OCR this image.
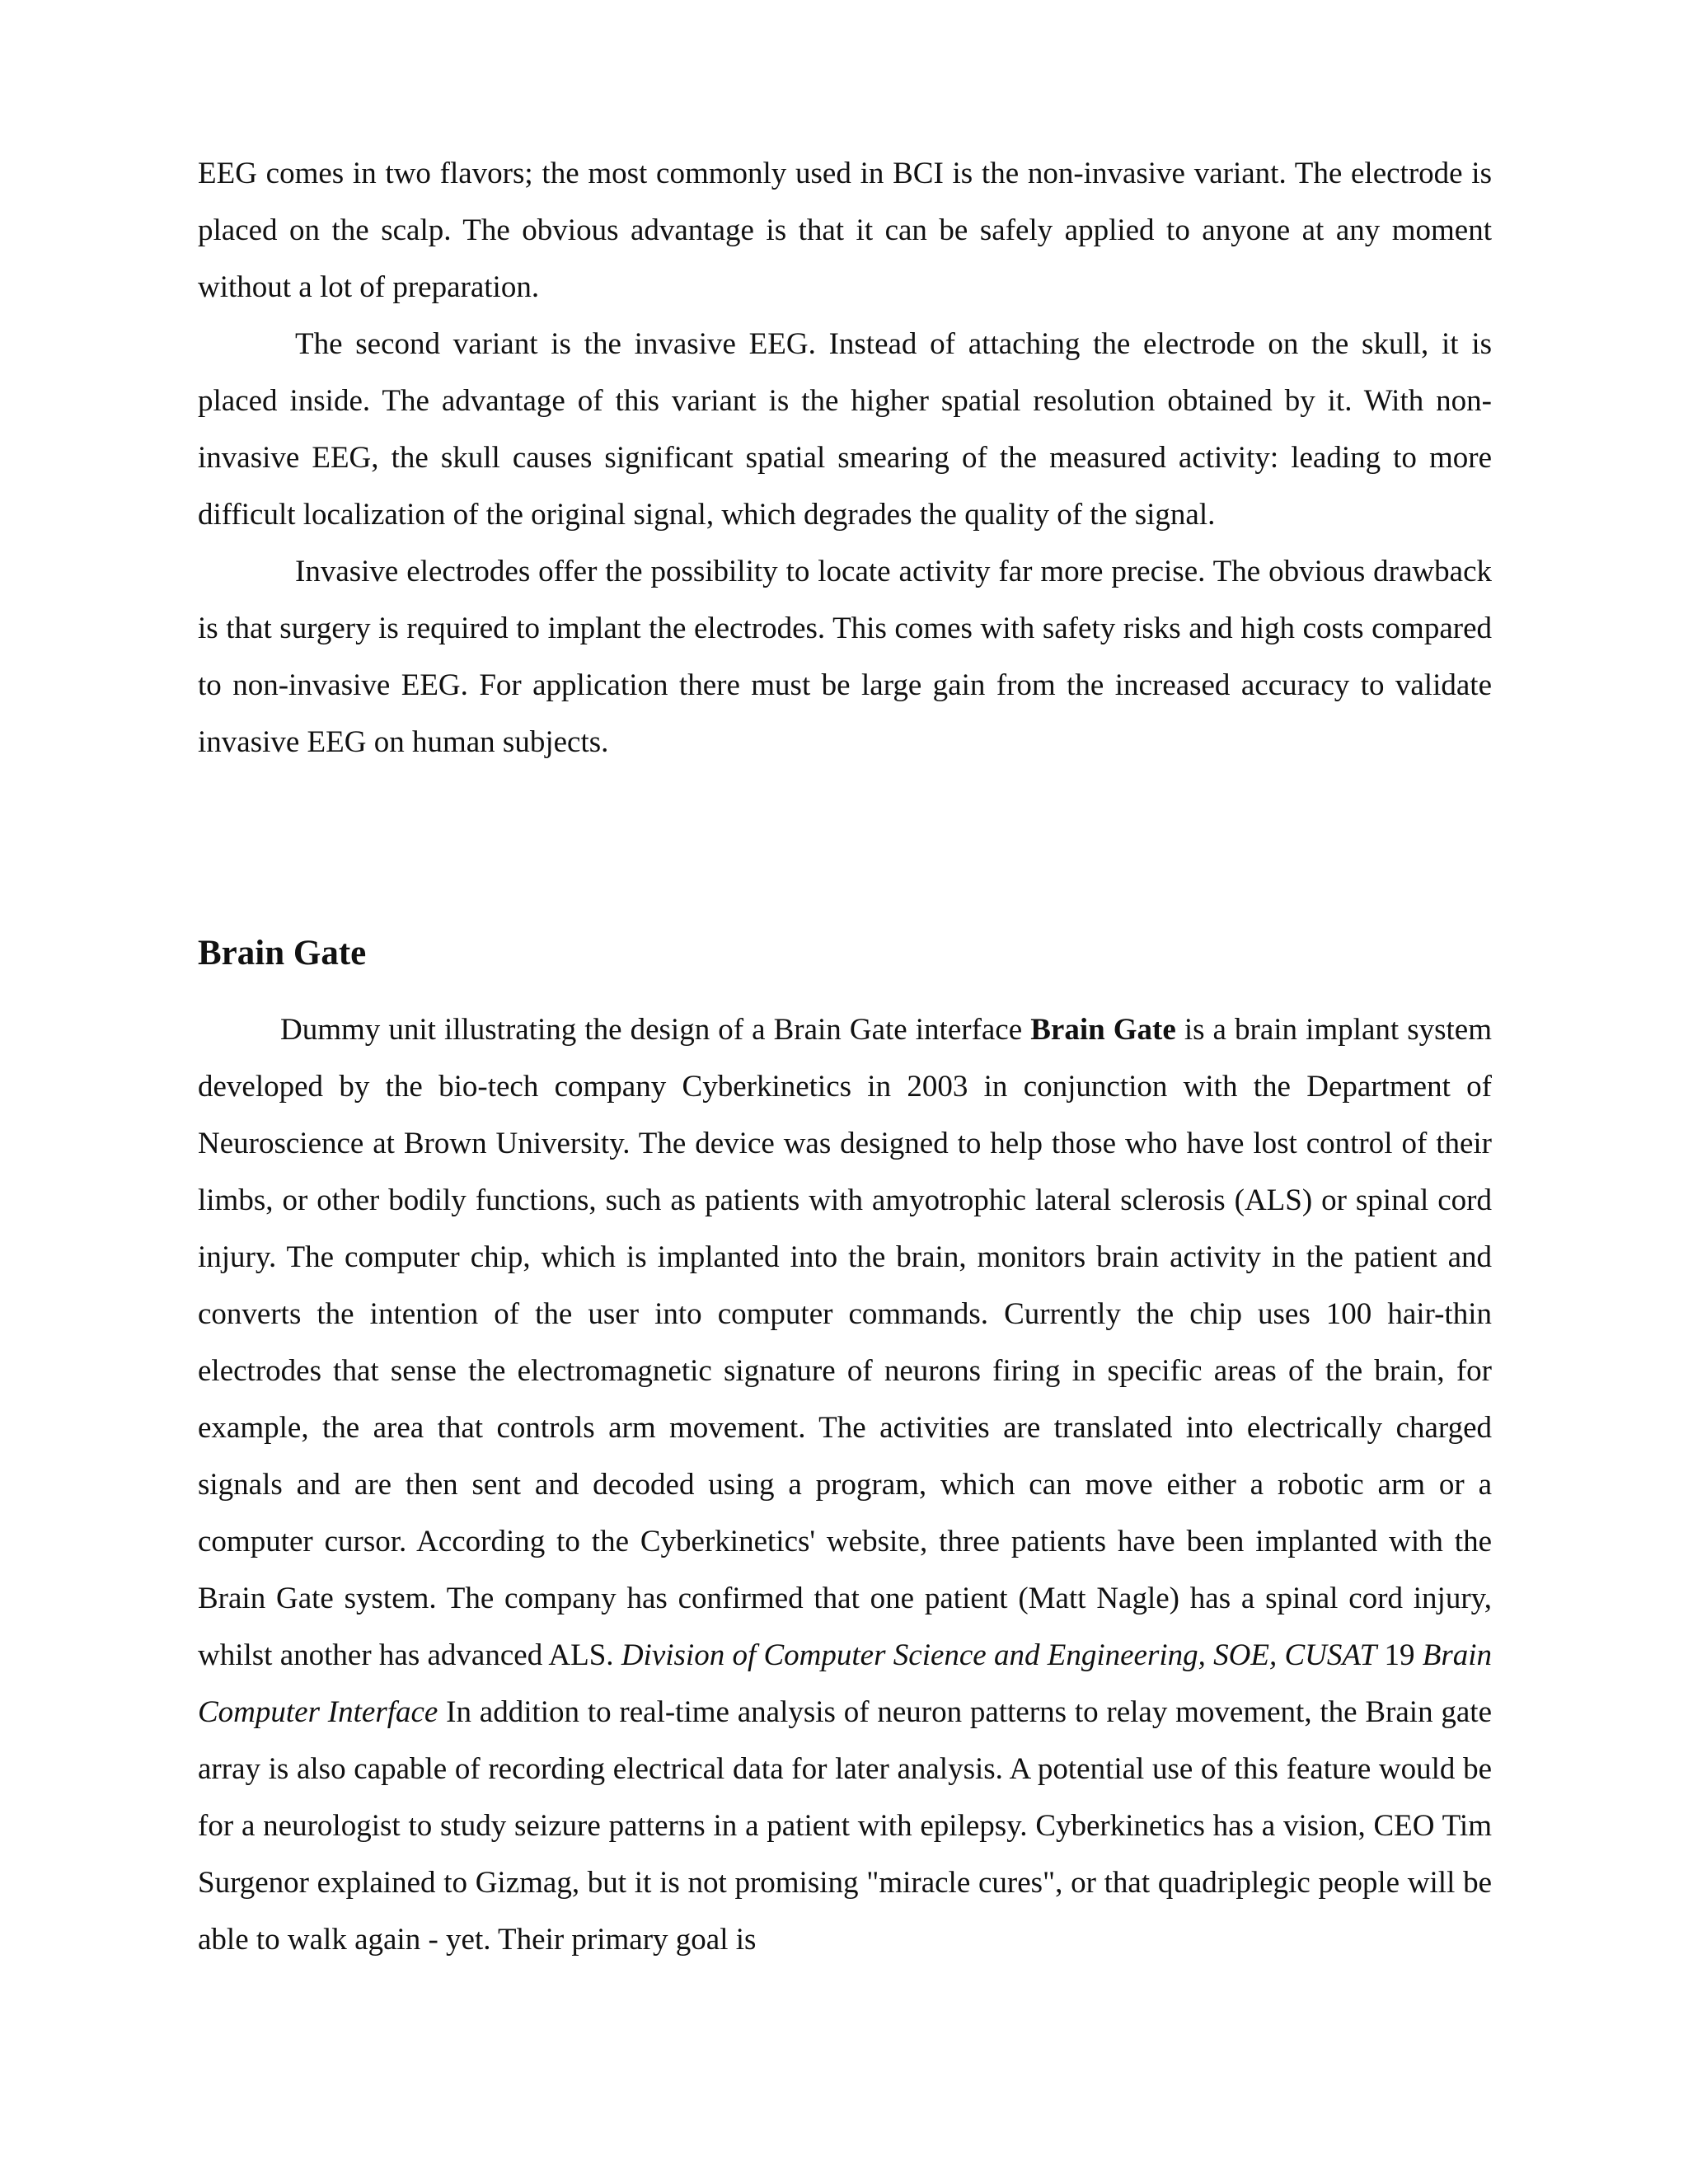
EEG comes in two flavors; the most commonly used in BCI is the non-invasive variant. The electrode is placed on the scalp. The obvious advantage is that it can be safely applied to anyone at any moment without a lot of preparation.

The second variant is the invasive EEG. Instead of attaching the electrode on the skull, it is placed inside. The advantage of this variant is the higher spatial resolution obtained by it. With non-invasive EEG, the skull causes significant spatial smearing of the measured activity: leading to more difficult localization of the original signal, which degrades the quality of the signal.

Invasive electrodes offer the possibility to locate activity far more precise. The obvious drawback is that surgery is required to implant the electrodes. This comes with safety risks and high costs compared to non-invasive EEG. For application there must be large gain from the increased accuracy to validate invasive EEG on human subjects.

Brain Gate

Dummy unit illustrating the design of a Brain Gate interface Brain Gate is a brain implant system developed by the bio-tech company Cyberkinetics in 2003 in conjunction with the Department of Neuroscience at Brown University. The device was designed to help those who have lost control of their limbs, or other bodily functions, such as patients with amyotrophic lateral sclerosis (ALS) or spinal cord injury. The computer chip, which is implanted into the brain, monitors brain activity in the patient and converts the intention of the user into computer commands. Currently the chip uses 100 hair-thin electrodes that sense the electromagnetic signature of neurons firing in specific areas of the brain, for example, the area that controls arm movement. The activities are translated into electrically charged signals and are then sent and decoded using a program, which can move either a robotic arm or a computer cursor. According to the Cyberkinetics' website, three patients have been implanted with the Brain Gate system. The company has confirmed that one patient (Matt Nagle) has a spinal cord injury, whilst another has advanced ALS. Division of Computer Science and Engineering, SOE, CUSAT 19 Brain Computer Interface In addition to real-time analysis of neuron patterns to relay movement, the Brain gate array is also capable of recording electrical data for later analysis. A potential use of this feature would be for a neurologist to study seizure patterns in a patient with epilepsy. Cyberkinetics has a vision, CEO Tim Surgenor explained to Gizmag, but it is not promising "miracle cures", or that quadriplegic people will be able to walk again - yet. Their primary goal is
